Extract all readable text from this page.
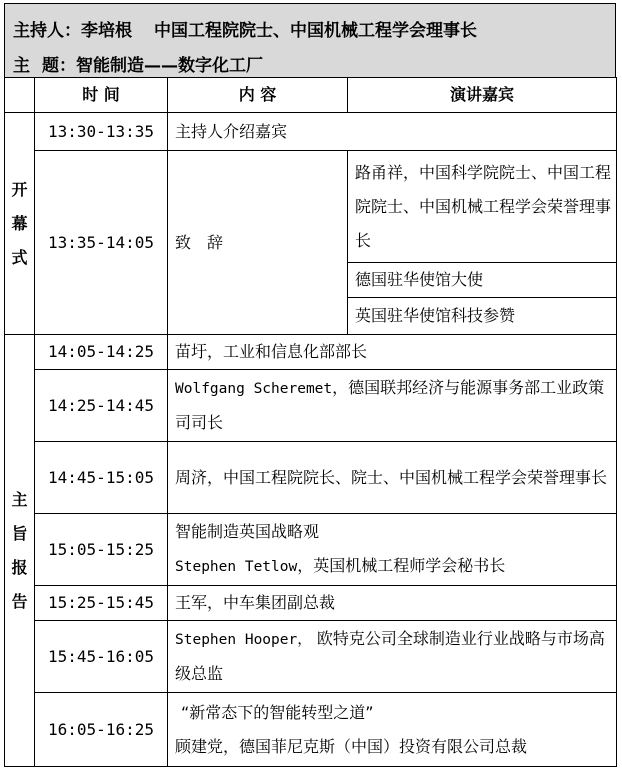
主持人：李培根 中国工程院院士、中国机械工程学会理事长
主 题：智能制造——数字化工厂
	时 间	内 容	演讲嘉宾
开幕式	13:30-13:35	主持人介绍嘉宾	
	13:35-14:05	致辞	路甬祥，中国科学院院士、中国工程院院士、中国机械工程学会荣誉理事长
			德国驻华使馆大使
			英国驻华使馆科技参赞
主旨报告	14:05-14:25	苗圩，工业和信息化部部长	
	14:25-14:45	Wolfgang Scheremet，德国联邦经济与能源事务部工业政策司司长	
	14:45-15:05	周济，中国工程院院长、院士、中国机械工程学会荣誉理事长	
	15:05-15:25	智能制造英国战略观
Stephen Tetlow，英国机械工程师学会秘书长	

	15:25-15:45	王军，中车集团副总裁	
	15:45-16:05	Stephen Hooper， 欧特克公司全球制造业行业战略与市场高级总监	
	16:05-16:25	“新常态下的智能转型之道”
顾建党，德国菲尼克斯（中国）投资有限公司总裁	
